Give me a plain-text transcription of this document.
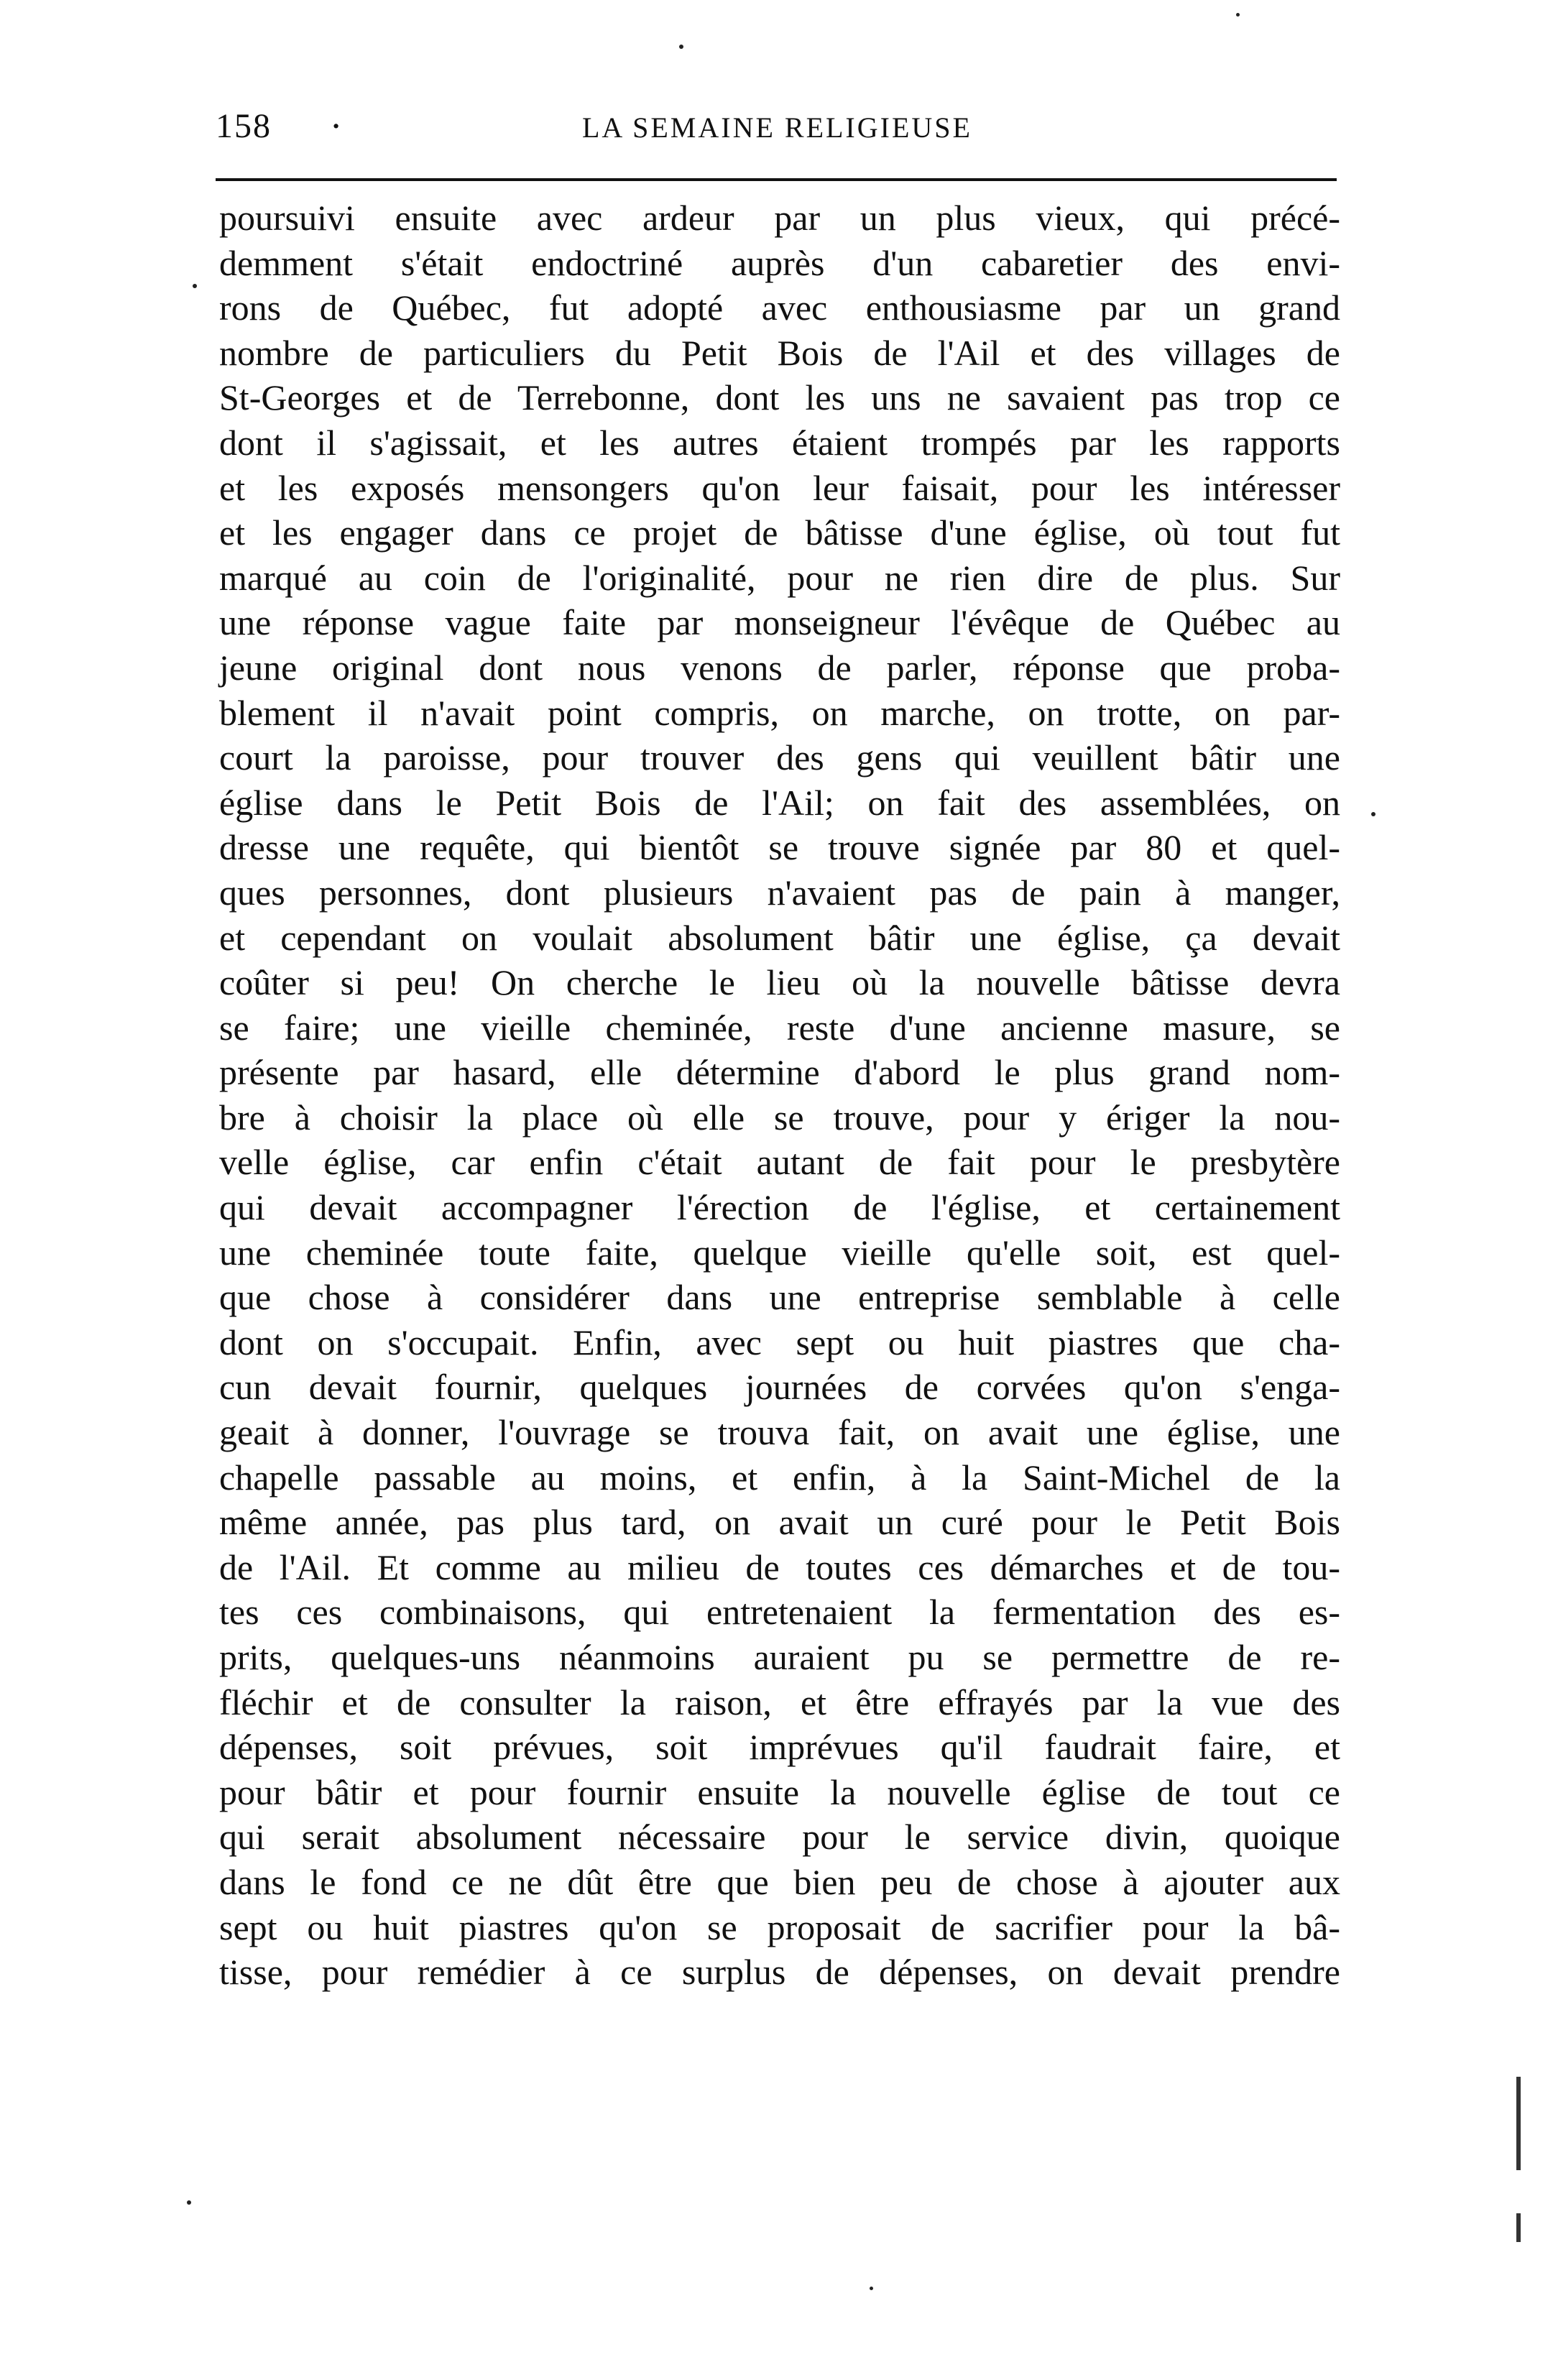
158 ·	LA SEMAINE RELIGIEUSE
poursuivi ensuite avec ardeur par un plus vieux, qui précé-
demment s'était endoctriné auprès d'un cabaretier des envi-
rons de Québec, fut adopté avec enthousiasme par un grand
nombre de particuliers du Petit Bois de l'Ail et des villages de
St-Georges et de Terrebonne, dont les uns ne savaient pas trop ce
dont il s'agissait, et les autres étaient trompés par les rapports
et les exposés mensongers qu'on leur faisait, pour les intéresser
et les engager dans ce projet de bâtisse d'une église, où tout fut
marqué au coin de l'originalité, pour ne rien dire de plus. Sur
une réponse vague faite par monseigneur l'évêque de Québec au
jeune original dont nous venons de parler, réponse que proba-
blement il n'avait point compris, on marche, on trotte, on par-
court la paroisse, pour trouver des gens qui veuillent bâtir une
église dans le Petit Bois de l'Ail; on fait des assemblées, on
dresse une requête, qui bientôt se trouve signée par 80 et quel-
ques personnes, dont plusieurs n'avaient pas de pain à manger,
et cependant on voulait absolument bâtir une église, ça devait
coûter si peu! On cherche le lieu où la nouvelle bâtisse devra
se faire; une vieille cheminée, reste d'une ancienne masure, se
présente par hasard, elle détermine d'abord le plus grand nom-
bre à choisir la place où elle se trouve, pour y ériger la nou-
velle église, car enfin c'était autant de fait pour le presbytère
qui devait accompagner l'érection de l'église, et certainement
une cheminée toute faite, quelque vieille qu'elle soit, est quel-
que chose à considérer dans une entreprise semblable à celle
dont on s'occupait. Enfin, avec sept ou huit piastres que cha-
cun devait fournir, quelques journées de corvées qu'on s'enga-
geait à donner, l'ouvrage se trouva fait, on avait une église, une
chapelle passable au moins, et enfin, à la Saint-Michel de la
même année, pas plus tard, on avait un curé pour le Petit Bois
de l'Ail. Et comme au milieu de toutes ces démarches et de tou-
tes ces combinaisons, qui entretenaient la fermentation des es-
prits, quelques-uns néanmoins auraient pu se permettre de re-
fléchir et de consulter la raison, et être effrayés par la vue des
dépenses, soit prévues, soit imprévues qu'il faudrait faire, et
pour bâtir et pour fournir ensuite la nouvelle église de tout ce
qui serait absolument nécessaire pour le service divin, quoique
dans le fond ce ne dût être que bien peu de chose à ajouter aux
sept ou huit piastres qu'on se proposait de sacrifier pour la bâ-
tisse, pour remédier à ce surplus de dépenses, on devait prendre
